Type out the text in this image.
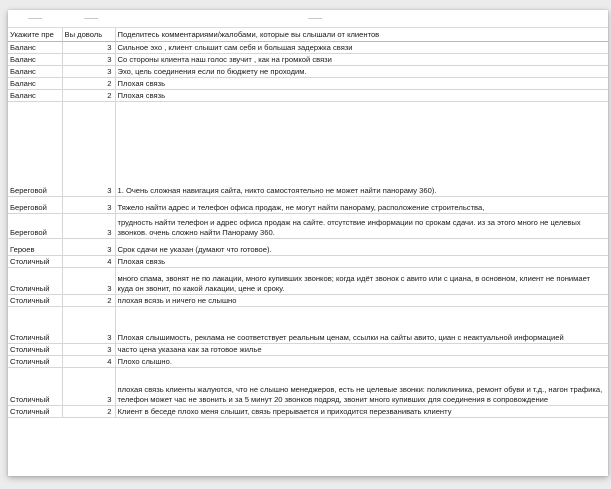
Укажите пре	Вы доволь	Поделитесь комментариями/жалобами, которые вы слышали от клиентов
Баланс	3	Сильное эхо , клиент слышит сам себя и большая задержка связи
Баланс	3	Со стороны клиента наш голос звучит , как на громкой связи
Баланс	3	Эхо, цель соединения если по бюджету не проходим.
Баланс	2	Плохая связь
Баланс	2	Плохая связь
Береговой	3	1. Очень сложная навигация сайта, никто самостоятельно не может найти панораму 360).
Береговой	3	Тяжело найти адрес и телефон офиса продаж, не могут найти панораму, расположение строительства,
Береговой	3	трудность найти телефон и адрес офиса продаж на сайте. отсутствие информации по срокам сдачи. из за этого много не целевых звонков. очень сложно найти Панораму 360.
Героев	3	Срок сдачи не указан (думают что готовое).
Столичный	4	Плохая связь
Столичный	3	много спама, звонят не по лакации, много купивших звонков; когда идёт звонок с авито или с циана, в основном, клиент не понимает куда он звонит, по какой лакации, цене и сроку.
Столичный	2	плохая всязь и ничего не слышно
Столичный	3	Плохая слышимость, реклама не соответствует реальным ценам, ссылки на сайты авито, циан с неактуальной информацией
Столичный	3	часто цена указана как за готовое жилье
Столичный	4	Плохо слышно.
Столичный	3	плохая связь клиенты жалуются, что не слышно менеджеров, есть не целевые звонки: поликлиника, ремонт обуви и т.д., нагон трафика, телефон может час не звонить и за 5 минут 20 звонков подряд, звонит много купивших для соединения в сопровождение
Столичный	2	Клиент в беседе плохо меня слышит, связь прерывается и приходится перезванивать клиенту
